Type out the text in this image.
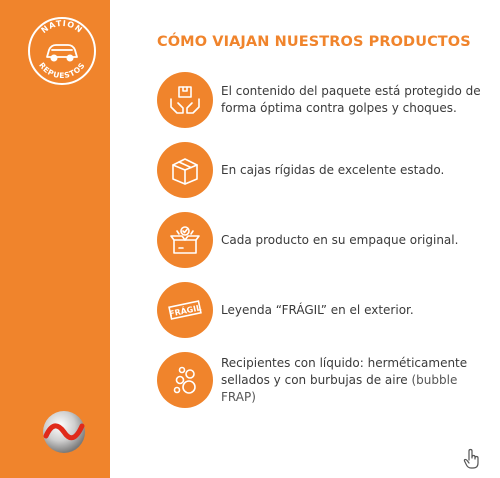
NATION
REPUESTOS
CÓMO VIAJAN NUESTROS PRODUCTOS
El contenido del paquete está protegido de forma óptima contra golpes y choques.
En cajas rígidas de excelente estado.
Cada producto en su empaque original.
FRÁGIL Leyenda “FRÁGIL” en el exterior.
Recipientes con líquido: herméticamente sellados y con burbujas de aire (bubble FRAP)
